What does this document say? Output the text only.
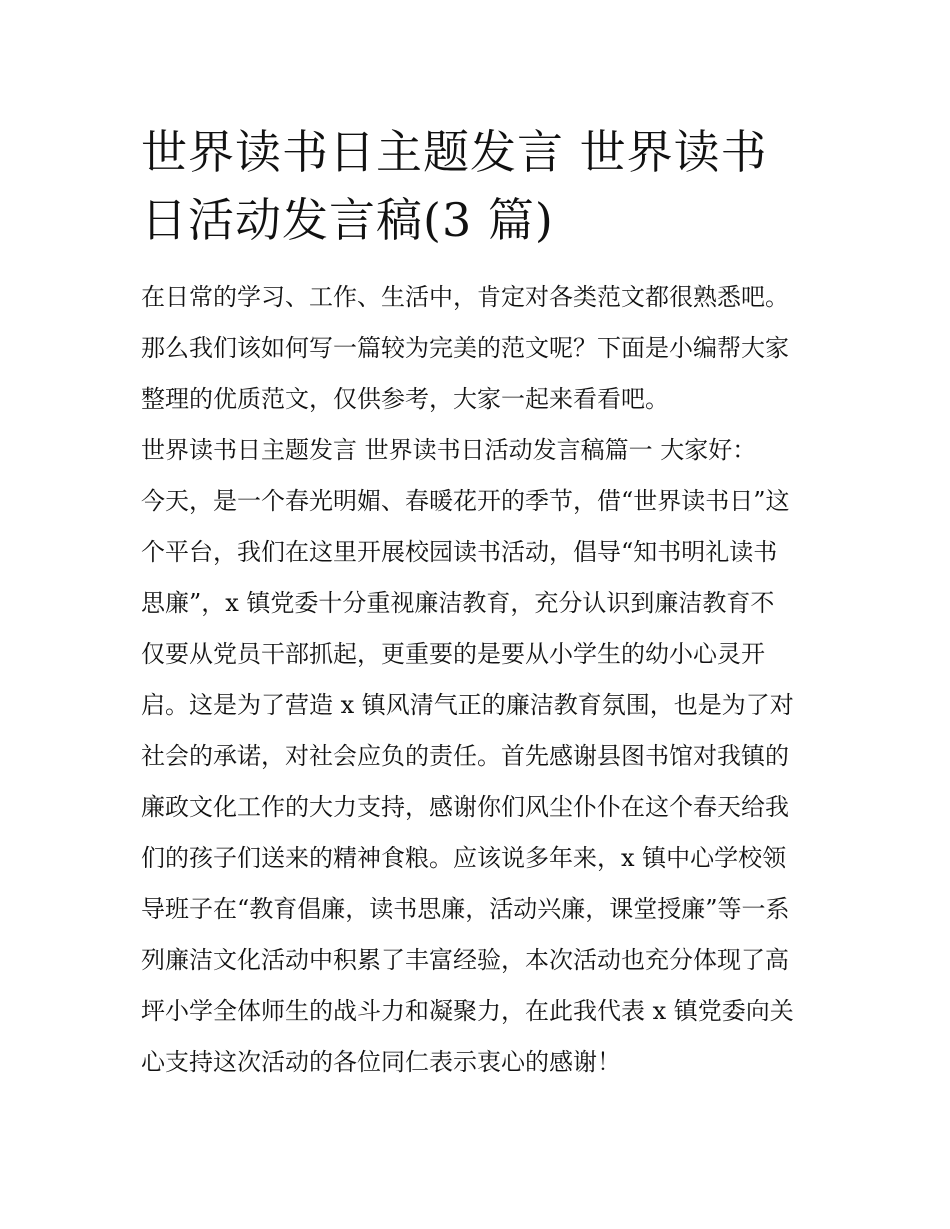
世界读书日主题发言 世界读书
日活动发言稿(3 篇)

在日常的学习、工作、生活中，肯定对各类范文都很熟悉吧。
那么我们该如何写一篇较为完美的范文呢？下面是小编帮大家
整理的优质范文，仅供参考，大家一起来看看吧。

世界读书日主题发言 世界读书日活动发言稿篇一 大家好：

今天，是一个春光明媚、春暖花开的季节，借“世界读书日”这
个平台，我们在这里开展校园读书活动，倡导“知书明礼读书
思廉”，x 镇党委十分重视廉洁教育，充分认识到廉洁教育不
仅要从党员干部抓起，更重要的是要从小学生的幼小心灵开
启。这是为了营造 x 镇风清气正的廉洁教育氛围，也是为了对
社会的承诺，对社会应负的责任。首先感谢县图书馆对我镇的
廉政文化工作的大力支持，感谢你们风尘仆仆在这个春天给我
们的孩子们送来的精神食粮。应该说多年来，x 镇中心学校领
导班子在“教育倡廉，读书思廉，活动兴廉，课堂授廉”等一系
列廉洁文化活动中积累了丰富经验，本次活动也充分体现了高
坪小学全体师生的战斗力和凝聚力，在此我代表 x 镇党委向关
心支持这次活动的各位同仁表示衷心的感谢！
